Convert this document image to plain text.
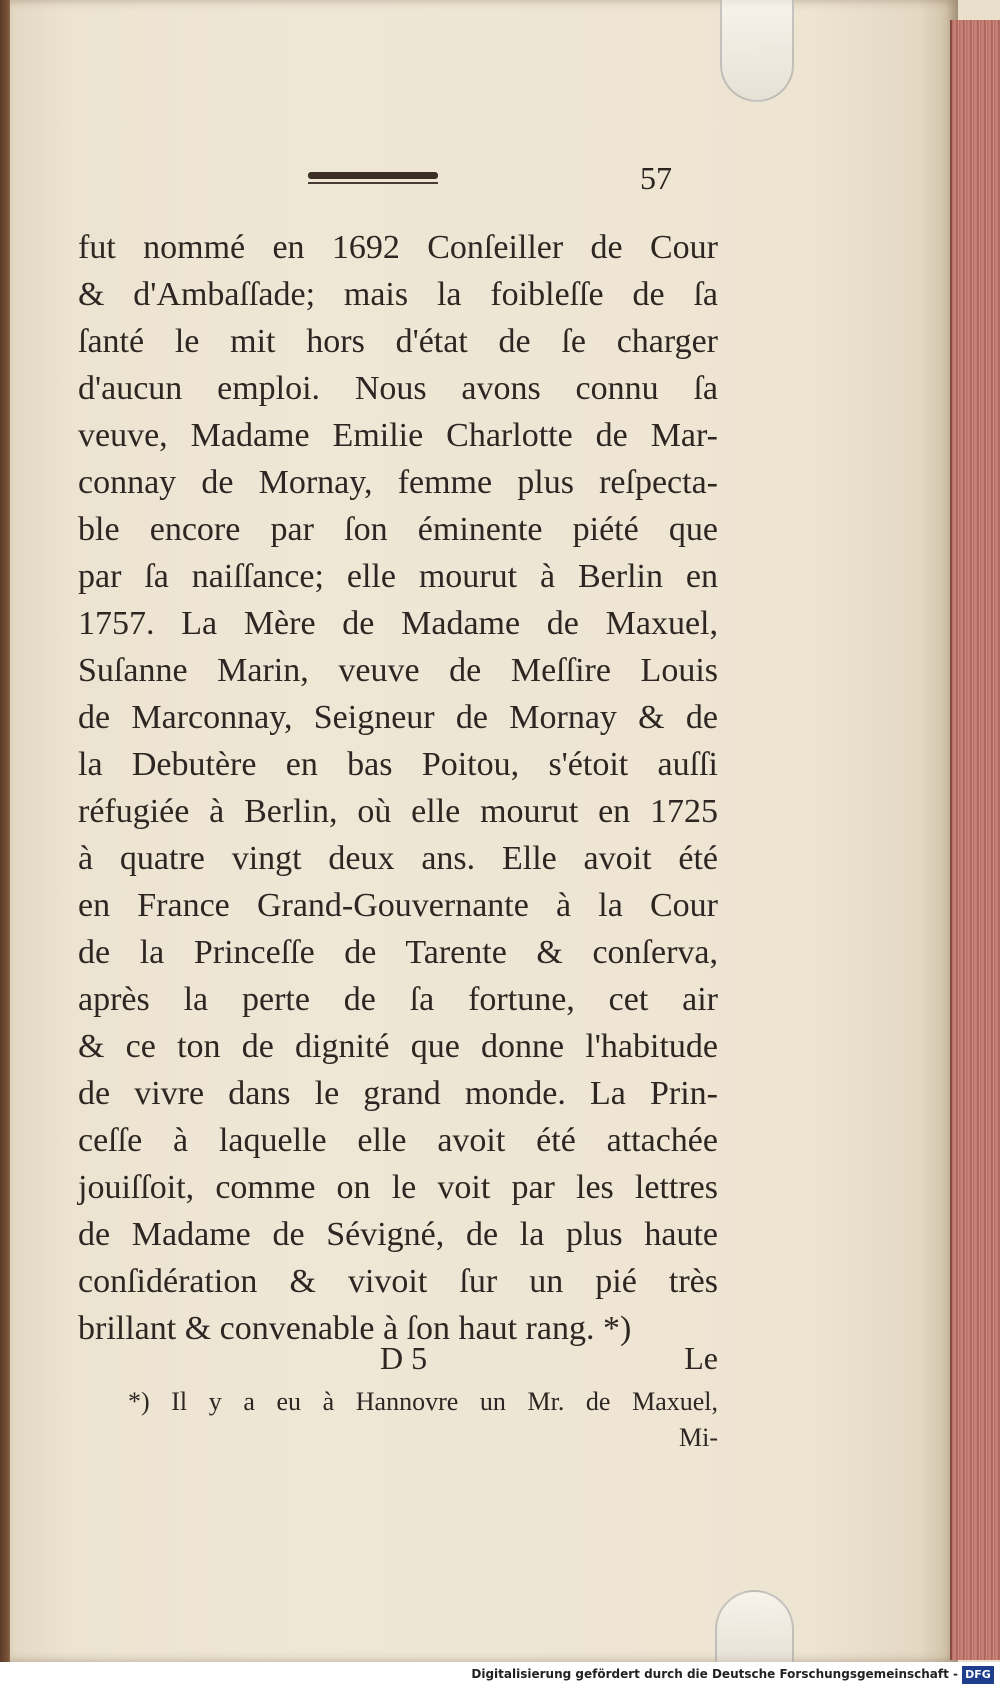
57
fut nommé en 1692 Conſeiller de Cour
& d'Ambaſſade; mais la foibleſſe de ſa
ſanté le mit hors d'état de ſe charger
d'aucun emploi. Nous avons connu ſa
veuve, Madame Emilie Charlotte de Mar-
connay de Mornay, femme plus reſpecta-
ble encore par ſon éminente piété que
par ſa naiſſance; elle mourut à Berlin en
1757. La Mère de Madame de Maxuel,
Suſanne Marin, veuve de Meſſire Louis
de Marconnay, Seigneur de Mornay & de
la Debutère en bas Poitou, s'étoit auſſi
réfugiée à Berlin, où elle mourut en 1725
à quatre vingt deux ans. Elle avoit été
en France Grand-Gouvernante à la Cour
de la Princeſſe de Tarente & conſerva,
après la perte de ſa fortune, cet air
& ce ton de dignité que donne l'habitude
de vivre dans le grand monde. La Prin-
ceſſe à laquelle elle avoit été attachée
jouiſſoit, comme on le voit par les lettres
de Madame de Sévigné, de la plus haute
conſidération & vivoit ſur un pié très
brillant & convenable à ſon haut rang. *)
D 5	Le
*) Il y a eu à Hannovre un Mr. de Maxuel,
Mi-
Digitalisierung gefördert durch die Deutsche Forschungsgemeinschaft - DFG
